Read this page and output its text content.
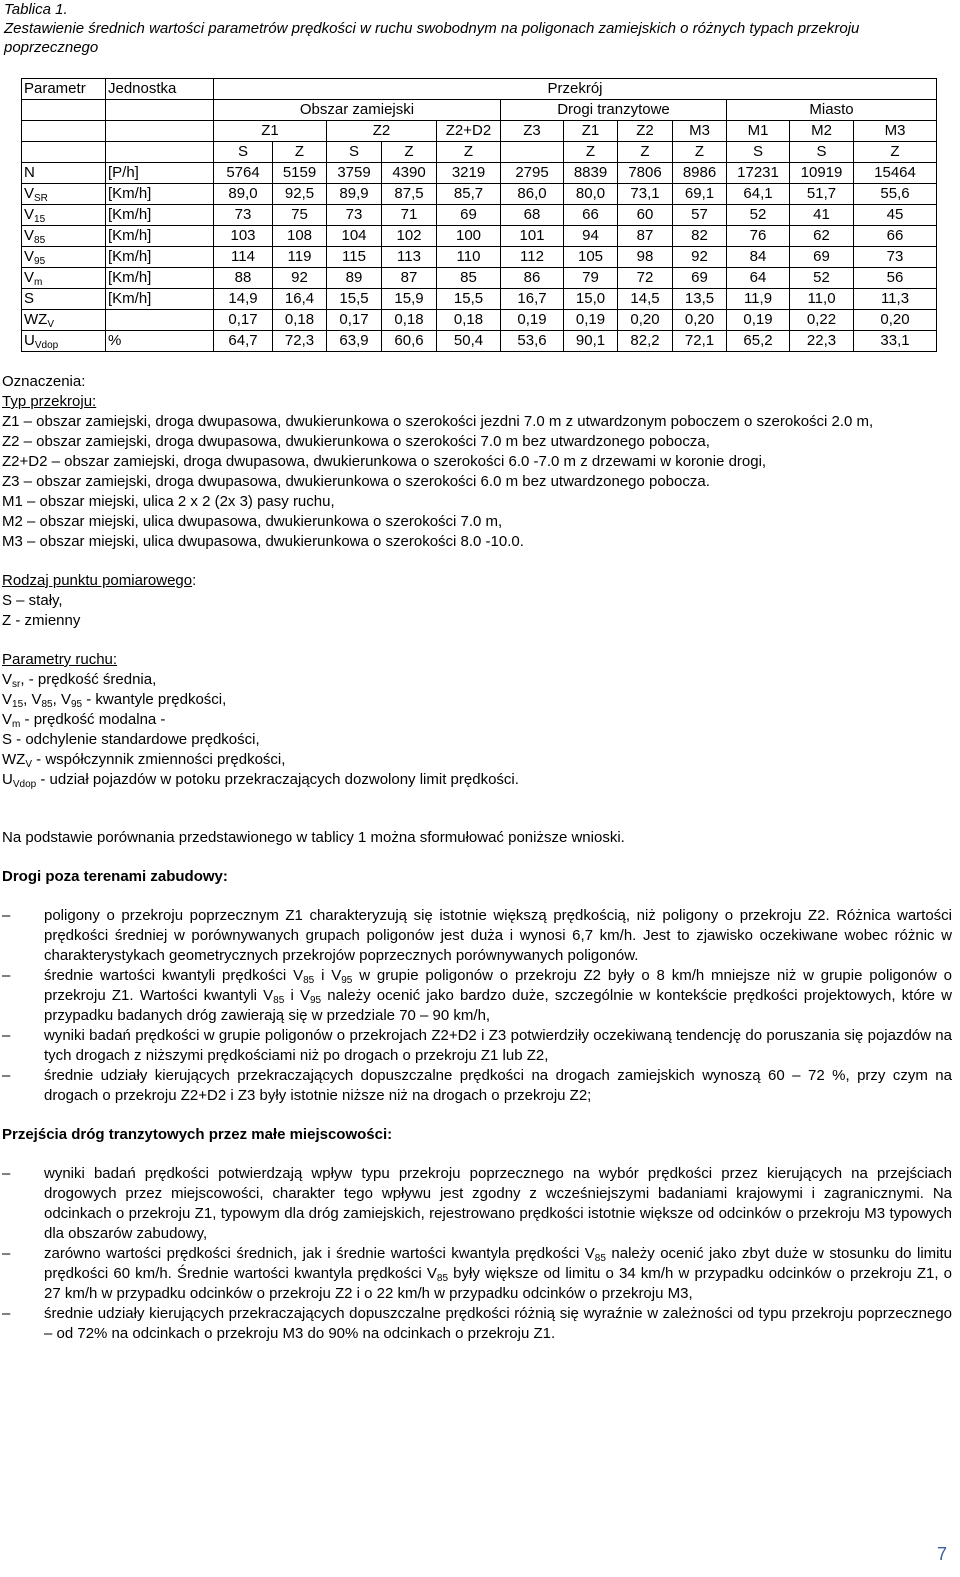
Tablica 1.
Zestawienie średnich wartości parametrów prędkości w ruchu swobodnym na poligonach zamiejskich o różnych typach przekroju poprzecznego
Parametr	Jednostka	Przekrój											
		Obszar zamiejski					Drogi tranzytowe				Miasto		
		Z1		Z2		Z2+D2	Z3	Z1	Z2	M3	M1	M2	M3
		S	Z	S	Z	Z		Z	Z	Z	S	S	Z
N	[P/h]	5764	5159	3759	4390	3219	2795	8839	7806	8986	17231	10919	15464
$V_{SR}$	[Km/h]	89,0	92,5	89,9	87,5	85,7	86,0	80,0	73,1	69,1	64,1	51,7	55,6
$V_{15}$	[Km/h]	73	75	73	71	69	68	66	60	57	52	41	45
$V_{85}$	[Km/h]	103	108	104	102	100	101	94	87	82	76	62	66
$V_{95}$	[Km/h]	114	119	115	113	110	112	105	98	92	84	69	73
$V_m$	[Km/h]	88	92	89	87	85	86	79	72	69	64	52	56
S	[Km/h]	14,9	16,4	15,5	15,9	15,5	16,7	15,0	14,5	13,5	11,9	11,0	11,3
$WZ_V$		0,17	0,18	0,17	0,18	0,18	0,19	0,19	0,20	0,20	0,19	0,22	0,20
$U_{Vdop}$	%	64,7	72,3	63,9	60,6	50,4	53,6	90,1	82,2	72,1	65,2	22,3	33,1

Oznaczenia:

Typ przekroju:

Z1 – obszar zamiejski, droga dwupasowa, dwukierunkowa o szerokości jezdni 7.0 m z utwardzonym poboczem o szerokości 2.0 m,

Z2 – obszar zamiejski, droga dwupasowa, dwukierunkowa o szerokości 7.0 m bez utwardzonego pobocza,

Z2+D2 – obszar zamiejski, droga dwupasowa, dwukierunkowa o szerokości 6.0 -7.0 m z drzewami w koronie drogi,

Z3 – obszar zamiejski, droga dwupasowa, dwukierunkowa o szerokości 6.0 m bez utwardzonego pobocza.

M1 – obszar miejski, ulica 2 x 2 (2x 3) pasy ruchu,

M2 – obszar miejski, ulica dwupasowa, dwukierunkowa o szerokości 7.0 m,

M3 – obszar miejski, ulica dwupasowa, dwukierunkowa o szerokości 8.0 -10.0.

Rodzaj punktu pomiarowego:

S – stały,

Z - zmienny

Parametry ruchu:

$V_{sr}$, - prędkość średnia,

$V_{15}$, $V_{85}$, $V_{95}$ - kwantyle prędkości,

$V_m$ - prędkość modalna -

S - odchylenie standardowe prędkości,

$WZ_V$ - współczynnik zmienności prędkości,

$U_{Vdop}$ - udział pojazdów w potoku przekraczających dozwolony limit prędkości.

Na podstawie porównania przedstawionego w tablicy 1 można sformułować poniższe wnioski.

Drogi poza terenami zabudowy:

– poligony o przekroju poprzecznym Z1 charakteryzują się istotnie większą prędkością, niż poligony o przekroju Z2. Różnica wartości prędkości średniej w porównywanych grupach poligonów jest duża i wynosi 6,7 km/h. Jest to zjawisko oczekiwane wobec różnic w charakterystykach geometrycznych przekrojów poprzecznych porównywanych poligonów.
– średnie wartości kwantyli prędkości $V_{85}$ i $V_{95}$ w grupie poligonów o przekroju Z2 były o 8 km/h mniejsze niż w grupie poligonów o przekroju Z1. Wartości kwantyli $V_{85}$ i $V_{95}$ należy ocenić jako bardzo duże, szczególnie w kontekście prędkości projektowych, które w przypadku badanych dróg zawierają się w przedziale 70 – 90 km/h,
– wyniki badań prędkości w grupie poligonów o przekrojach Z2+D2 i Z3 potwierdziły oczekiwaną tendencję do poruszania się pojazdów na tych drogach z niższymi prędkościami niż po drogach o przekroju Z1 lub Z2,
– średnie udziały kierujących przekraczających dopuszczalne prędkości na drogach zamiejskich wynoszą 60 – 72 %, przy czym na drogach o przekroju Z2+D2 i Z3 były istotnie niższe niż na drogach o przekroju Z2;

Przejścia dróg tranzytowych przez małe miejscowości:

– wyniki badań prędkości potwierdzają wpływ typu przekroju poprzecznego na wybór prędkości przez kierujących na przejściach drogowych przez miejscowości, charakter tego wpływu jest zgodny z wcześniejszymi badaniami krajowymi i zagranicznymi. Na odcinkach o przekroju Z1, typowym dla dróg zamiejskich, rejestrowano prędkości istotnie większe od odcinków o przekroju M3 typowych dla obszarów zabudowy,
– zarówno wartości prędkości średnich, jak i średnie wartości kwantyla prędkości $V_{85}$ należy ocenić jako zbyt duże w stosunku do limitu prędkości 60 km/h. Średnie wartości kwantyla prędkości $V_{85}$ były większe od limitu o 34 km/h w przypadku odcinków o przekroju Z1, o 27 km/h w przypadku odcinków o przekroju Z2 i o 22 km/h w przypadku odcinków o przekroju M3,
– średnie udziały kierujących przekraczających dopuszczalne prędkości różnią się wyraźnie w zależności od typu przekroju poprzecznego – od 72% na odcinkach o przekroju M3 do 90% na odcinkach o przekroju Z1.
7
